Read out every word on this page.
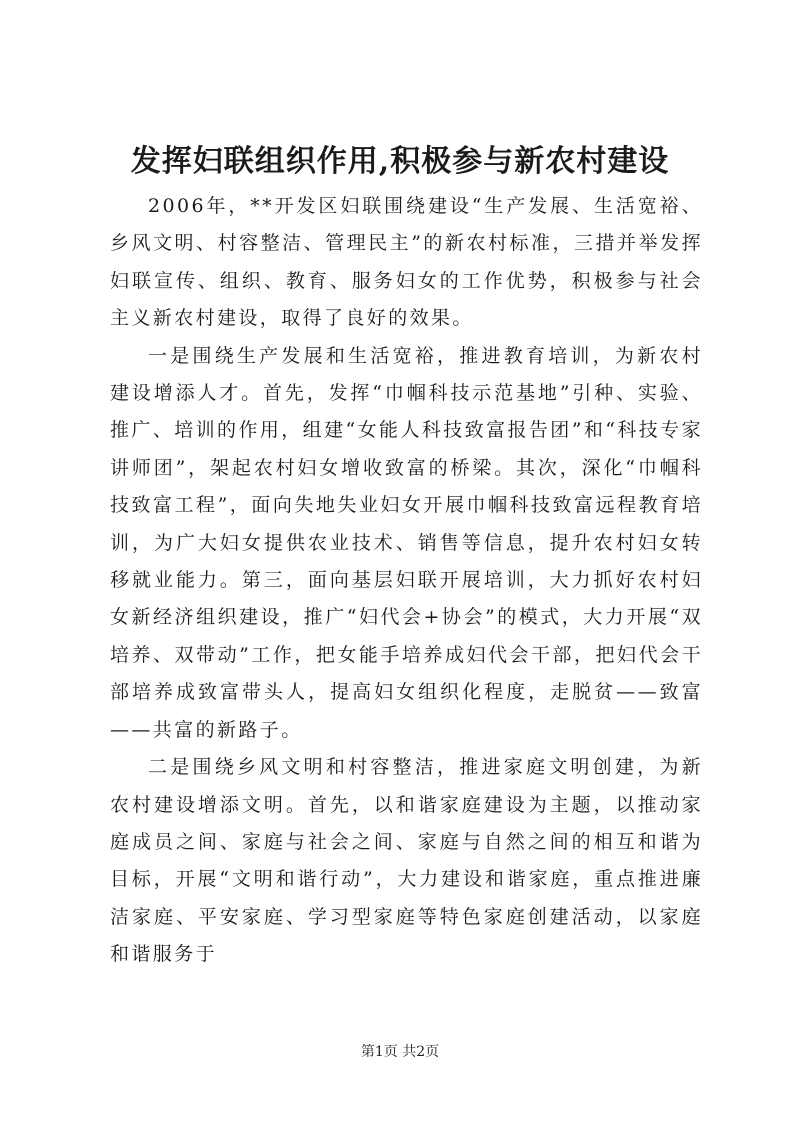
发挥妇联组织作用,积极参与新农村建设

2006年，**开发区妇联围绕建设“生产发展、生活宽裕、乡风文明、村容整洁、管理民主”的新农村标准，三措并举发挥妇联宣传、组织、教育、服务妇女的工作优势，积极参与社会主义新农村建设，取得了良好的效果。

一是围绕生产发展和生活宽裕，推进教育培训，为新农村建设增添人才。首先，发挥“巾帼科技示范基地”引种、实验、推广、培训的作用，组建“女能人科技致富报告团”和“科技专家讲师团”，架起农村妇女增收致富的桥梁。其次，深化“巾帼科技致富工程”，面向失地失业妇女开展巾帼科技致富远程教育培训，为广大妇女提供农业技术、销售等信息，提升农村妇女转移就业能力。第三，面向基层妇联开展培训，大力抓好农村妇女新经济组织建设，推广“妇代会+协会”的模式，大力开展“双培养、双带动”工作，把女能手培养成妇代会干部，把妇代会干部培养成致富带头人，提高妇女组织化程度，走脱贫——致富——共富的新路子。

二是围绕乡风文明和村容整洁，推进家庭文明创建，为新农村建设增添文明。首先，以和谐家庭建设为主题，以推动家庭成员之间、家庭与社会之间、家庭与自然之间的相互和谐为目标，开展“文明和谐行动”，大力建设和谐家庭，重点推进廉洁家庭、平安家庭、学习型家庭等特色家庭创建活动，以家庭和谐服务于

第1页 共2页
